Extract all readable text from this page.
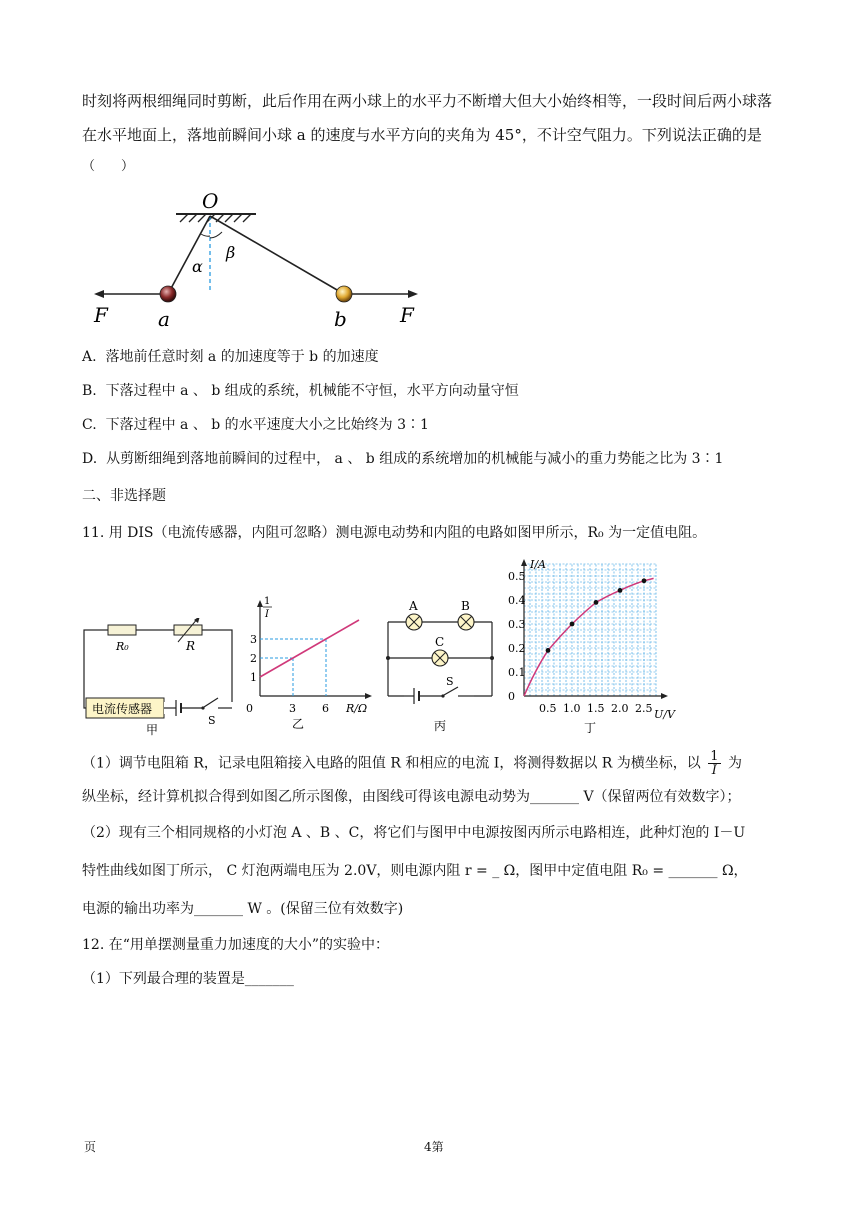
时刻将两根细绳同时剪断，此后作用在两小球上的水平力不断增大但大小始终相等，一段时间后两小球落
在水平地面上，落地前瞬间小球 a 的速度与水平方向的夹角为 45°，不计空气阻力。下列说法正确的是
（　　）
O
α
β
F	a	b	F
A. 落地前任意时刻 a 的加速度等于 b 的加速度
B. 下落过程中 a 、 b 组成的系统，机械能不守恒，水平方向动量守恒
C. 下落过程中 a 、 b 的水平速度大小之比始终为 3∶1
D. 从剪断细绳到落地前瞬间的过程中， a 、 b 组成的系统增加的机械能与减小的重力势能之比为 3∶1
二、非选择题
11. 用 DIS（电流传感器，内阻可忽略）测电源电动势和内阻的电路如图甲所示，R₀ 为一定值电阻。
R₀	R
电流传感器
S
甲
1
I
1
2
3
0	3 6 R/Ω
乙
A	B
C
S
丙
I/A
0
0.1
0.2
0.3
0.4
0.5
0.5 1.0 1.5 2.0 2.5 U/V
丁
（1）调节电阻箱 R，记录电阻箱接入电路的阻值 R 和相应的电流 I，将测得数据以 R 为横坐标，以 $\frac{1}{I}$ 为
纵坐标，经计算机拟合得到如图乙所示图像，由图线可得该电源电动势为_______ V（保留两位有效数字）；
（2）现有三个相同规格的小灯泡 A 、B 、C，将它们与图甲中电源按图丙所示电路相连，此种灯泡的 I－U
特性曲线如图丁所示， C 灯泡两端电压为 2.0V，则电源内阻 r = _ Ω，图甲中定值电阻 R₀ = _______ Ω，
电源的输出功率为_______ W 。(保留三位有效数字)
12. 在“用单摆测量重力加速度的大小”的实验中：
（1）下列最合理的装置是_______
页	4第
